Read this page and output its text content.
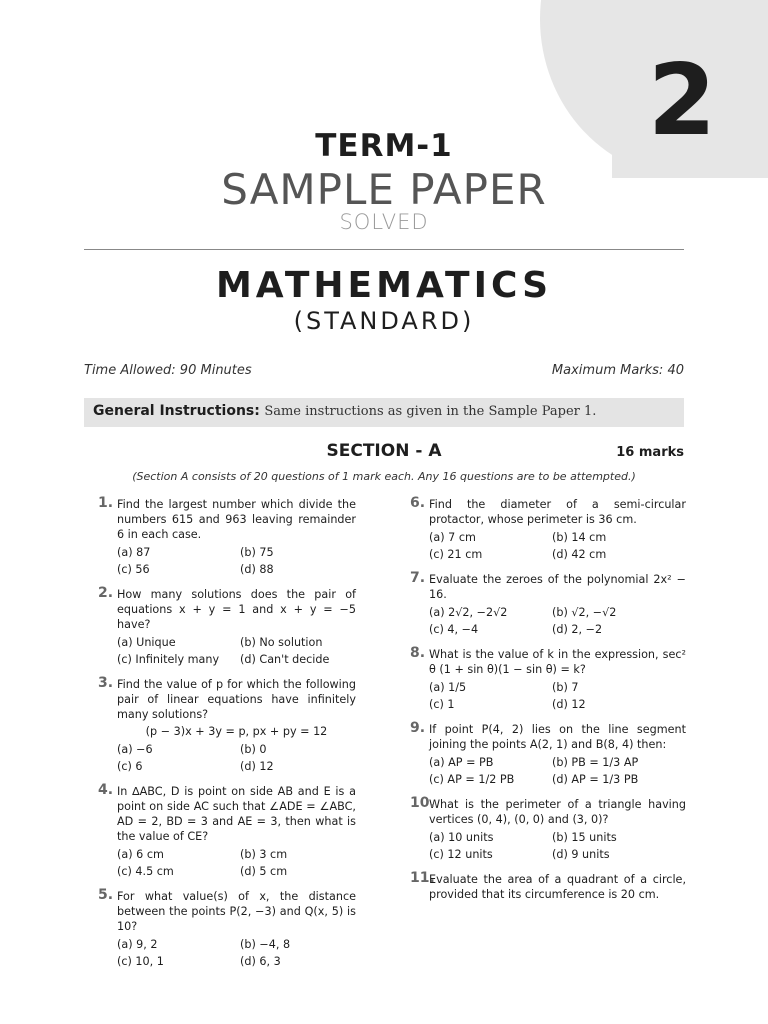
2
TERM-1
SAMPLE PAPER
SOLVED
MATHEMATICS
(STANDARD)
Time Allowed: 90 Minutes	Maximum Marks: 40
General Instructions: Same instructions as given in the Sample Paper 1.
SECTION - A	16 marks
(Section A consists of 20 questions of 1 mark each. Any 16 questions are to be attempted.)
1. Find the largest number which divide the numbers 615 and 963 leaving remainder 6 in each case.
(a) 87	(b) 75
(c) 56	(d) 88
2. How many solutions does the pair of equations x + y = 1 and x + y = −5 have?
(a) Unique	(b) No solution
(c) Infinitely many	(d) Can't decide
3. Find the value of p for which the following pair of linear equations have infinitely many solutions?
(p − 3)x + 3y = p, px + py = 12
(a) −6	(b) 0
(c) 6	(d) 12
4. In ∆ABC, D is point on side AB and E is a point on side AC such that ∠ADE = ∠ABC, AD = 2, BD = 3 and AE = 3, then what is the value of CE?
(a) 6 cm	(b) 3 cm
(c) 4.5 cm	(d) 5 cm
5. For what value(s) of x, the distance between the points P(2, −3) and Q(x, 5) is 10?
(a) 9, 2	(b) −4, 8
(c) 10, 1	(d) 6, 3
6. Find the diameter of a semi-circular protactor, whose perimeter is 36 cm.
(a) 7 cm	(b) 14 cm
(c) 21 cm	(d) 42 cm
7. Evaluate the zeroes of the polynomial 2x² − 16.
(a) 2√2, −2√2	(b) √2, −√2
(c) 4, −4	(d) 2, −2
8. What is the value of k in the expression, sec² θ (1 + sin θ)(1 − sin θ) = k?
(a) 1/5	(b) 7
(c) 1	(d) 12
9. If point P(4, 2) lies on the line segment joining the points A(2, 1) and B(8, 4) then:
(a) AP = PB	(b) PB = 1/3 AP
(c) AP = 1/2 PB	(d) AP = 1/3 PB
10.
What is the perimeter of a triangle having vertices (0, 4), (0, 0) and (3, 0)?
(a) 10 units	(b) 15 units
(c) 12 units	(d) 9 units
11.
Evaluate the area of a quadrant of a circle, provided that its circumference is 20 cm.
